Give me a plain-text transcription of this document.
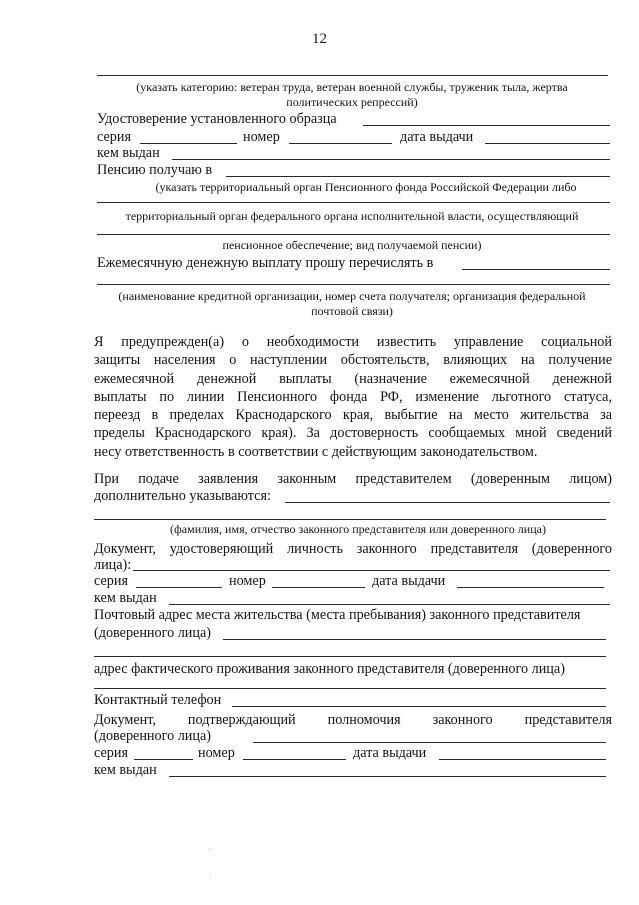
12
(указать категорию: ветеран труда, ветеран военной службы, труженик тыла, жертва
политических репрессий)
Удостоверение установленного образца
серия	номер	дата выдачи
кем выдан
Пенсию получаю в
(указать территориальный орган Пенсионного фонда Российской Федерации либо
территориальный орган федерального органа исполнительной власти, осуществляющий
пенсионное обеспечение; вид получаемой пенсии)
Ежемесячную денежную выплату прошу перечислять в
(наименование кредитной организации, номер счета получателя; организация федеральной
почтовой связи)
Я предупрежден(а) о необходимости известить управление социальной
защиты населения о наступлении обстоятельств, влияющих на получение
ежемесячной денежной выплаты (назначение ежемесячной денежной
выплаты по линии Пенсионного фонда РФ, изменение льготного статуса,
переезд в пределах Краснодарского края, выбытие на место жительства за
пределы Краснодарского края). За достоверность сообщаемых мной сведений
несу ответственность в соответствии с действующим законодательством.
При подаче заявления законным представителем (доверенным лицом)
дополнительно указываются:
(фамилия, имя, отчество законного представителя или доверенного лица)
Документ, удостоверяющий личность законного представителя (доверенного
лица):
серия	номер	дата выдачи
кем выдан
Почтовый адрес места жительства (места пребывания) законного представителя
(доверенного лица)
адрес фактического проживания законного представителя (доверенного лица)
Контактный телефон
Документ, подтверждающий полномочия законного представителя
(доверенного лица)
серия	номер	дата выдачи
кем выдан
